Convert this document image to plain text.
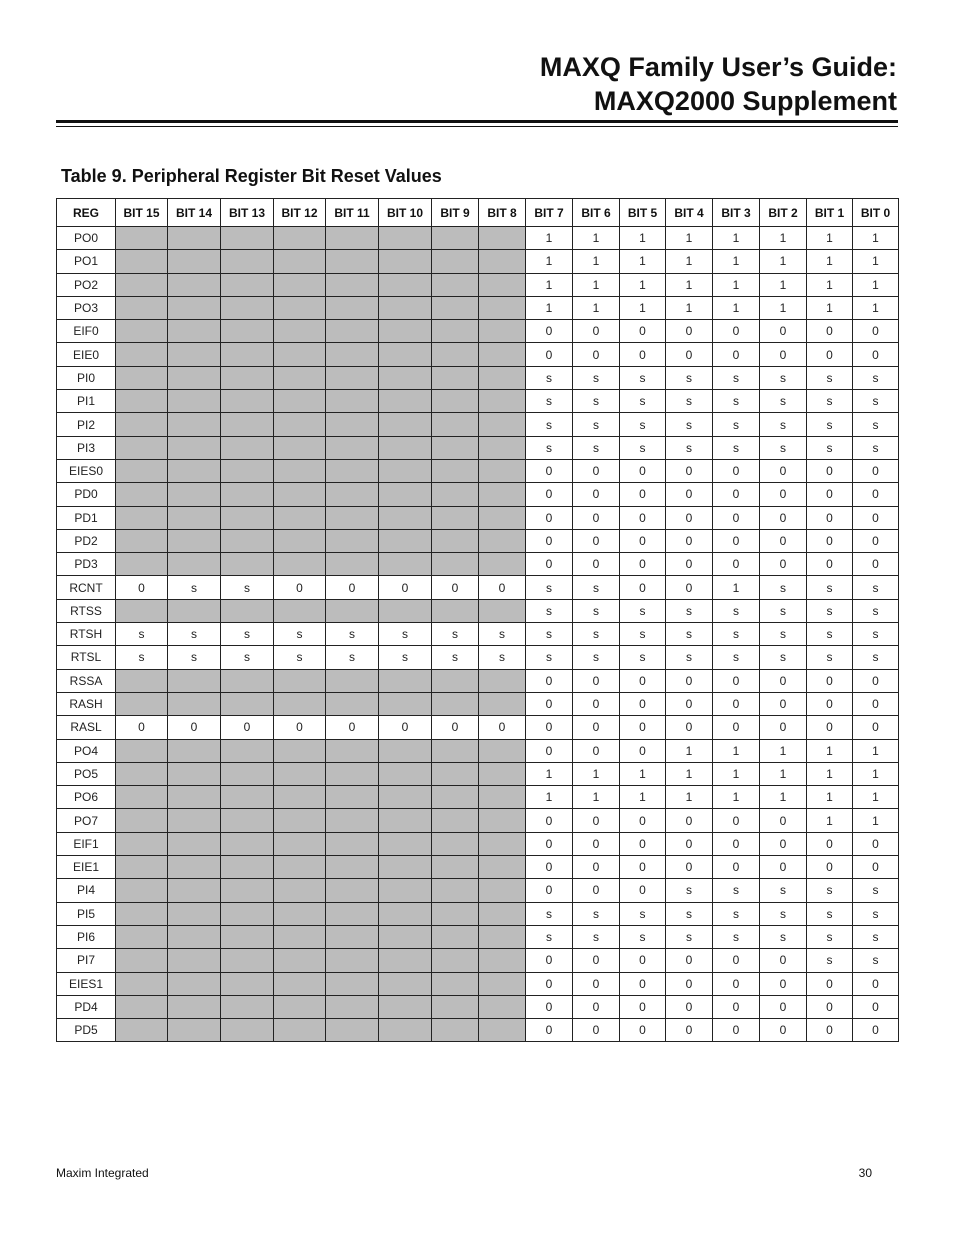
MAXQ Family User’s Guide:
MAXQ2000 Supplement
Table 9. Peripheral Register Bit Reset Values
REG	BIT 15	BIT 14	BIT 13	BIT 12	BIT 11	BIT 10	BIT 9	BIT 8	BIT 7	BIT 6	BIT 5	BIT 4	BIT 3	BIT 2	BIT 1	BIT 0
PO0									1	1	1	1	1	1	1	1
PO1									1	1	1	1	1	1	1	1
PO2									1	1	1	1	1	1	1	1
PO3									1	1	1	1	1	1	1	1
EIF0									0	0	0	0	0	0	0	0
EIE0									0	0	0	0	0	0	0	0
PI0									s	s	s	s	s	s	s	s
PI1									s	s	s	s	s	s	s	s
PI2									s	s	s	s	s	s	s	s
PI3									s	s	s	s	s	s	s	s
EIES0									0	0	0	0	0	0	0	0
PD0									0	0	0	0	0	0	0	0
PD1									0	0	0	0	0	0	0	0
PD2									0	0	0	0	0	0	0	0
PD3									0	0	0	0	0	0	0	0
RCNT	0	s	s	0	0	0	0	0	s	s	0	0	1	s	s	s
RTSS									s	s	s	s	s	s	s	s
RTSH	s	s	s	s	s	s	s	s	s	s	s	s	s	s	s	s
RTSL	s	s	s	s	s	s	s	s	s	s	s	s	s	s	s	s
RSSA									0	0	0	0	0	0	0	0
RASH									0	0	0	0	0	0	0	0
RASL	0	0	0	0	0	0	0	0	0	0	0	0	0	0	0	0
PO4									0	0	0	1	1	1	1	1
PO5									1	1	1	1	1	1	1	1
PO6									1	1	1	1	1	1	1	1
PO7									0	0	0	0	0	0	1	1
EIF1									0	0	0	0	0	0	0	0
EIE1									0	0	0	0	0	0	0	0
PI4									0	0	0	s	s	s	s	s
PI5									s	s	s	s	s	s	s	s
PI6									s	s	s	s	s	s	s	s
PI7									0	0	0	0	0	0	s	s
EIES1									0	0	0	0	0	0	0	0
PD4									0	0	0	0	0	0	0	0
PD5									0	0	0	0	0	0	0	0
Maxim Integrated	30
